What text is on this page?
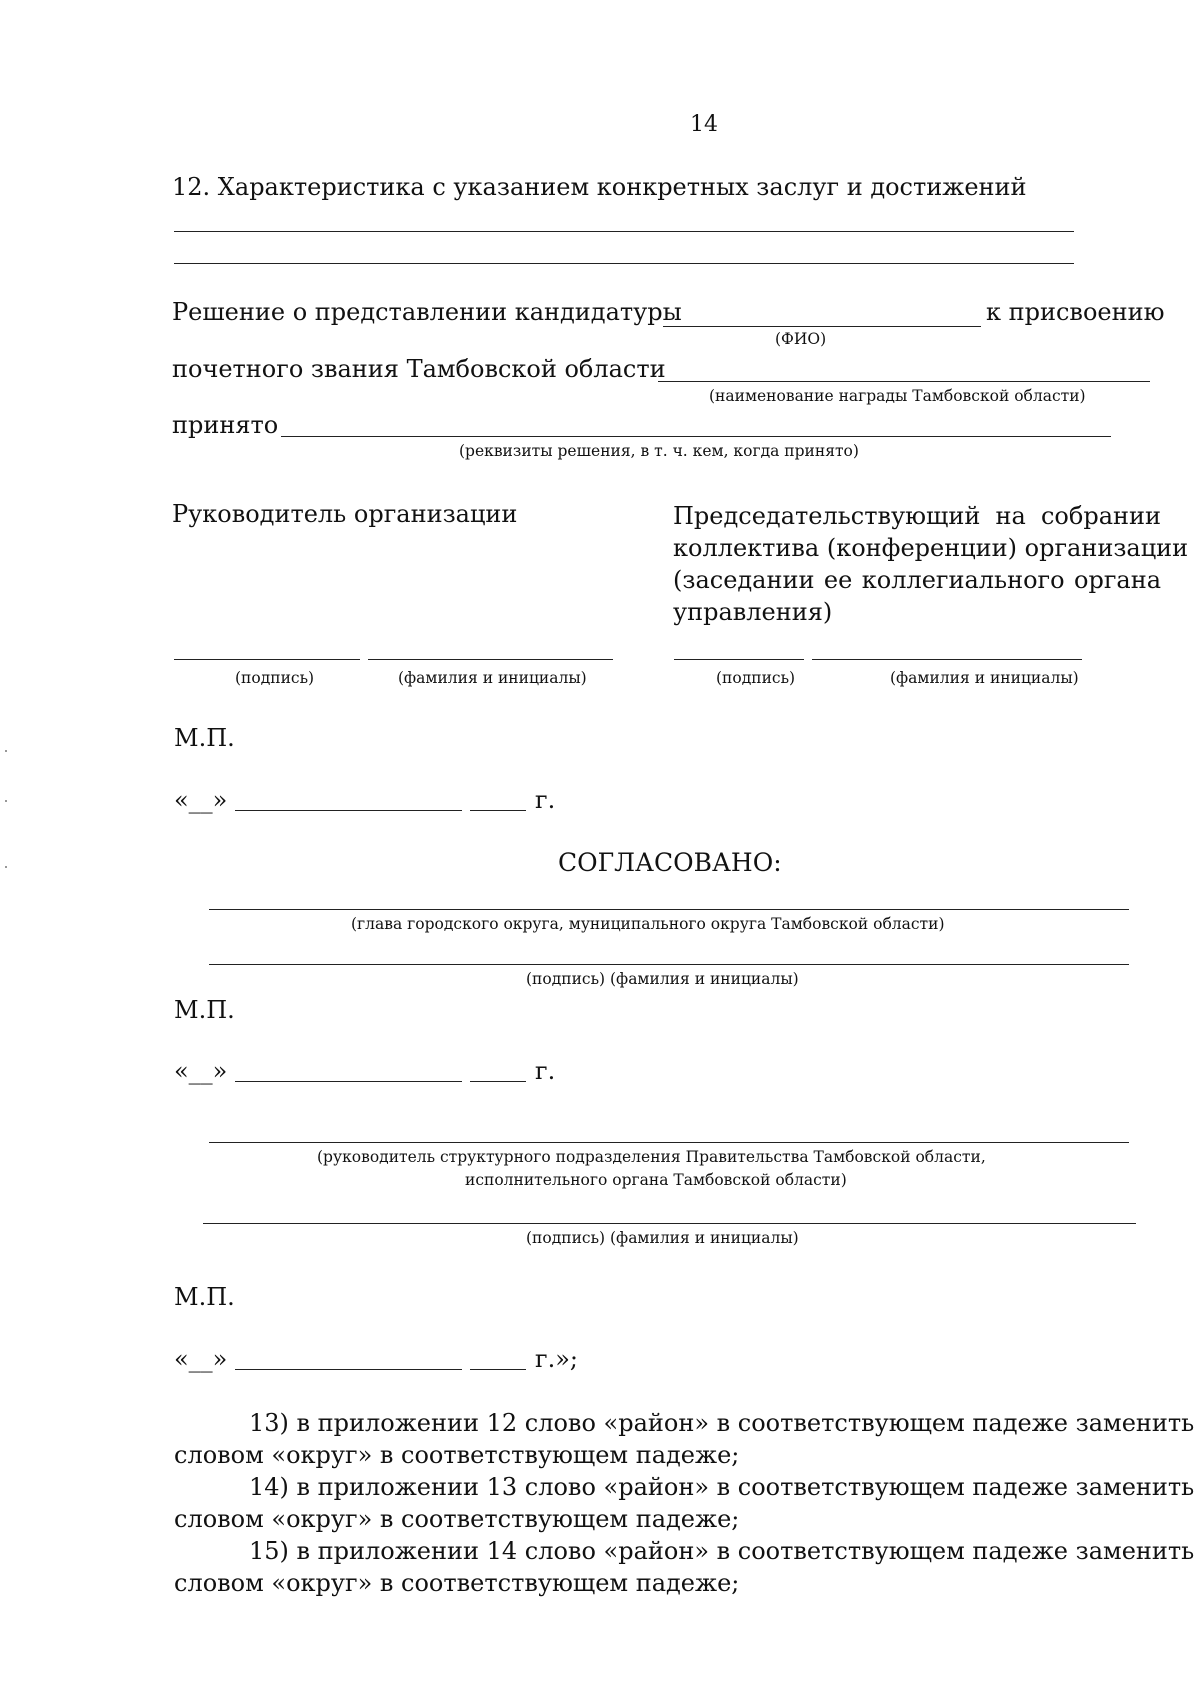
14
12. Характеристика с указанием конкретных заслуг и достижений
Решение о представлении кандидатуры	к присвоению
(ФИО)
почетного звания Тамбовской области
(наименование награды Тамбовской области)
принято
(реквизиты решения, в т. ч. кем, когда принято)
Руководитель организации	Председательствующий на собрании
коллектива (конференции) организации
(заседании ее коллегиального органа
управления)
(подпись)	(фамилия и инициалы)	(подпись)	(фамилия и инициалы)
М.П.
«__»	г.
СОГЛАСОВАНО:
(глава городского округа, муниципального округа Тамбовской области)
(подпись) (фамилия и инициалы)
М.П.
«__»	г.
(руководитель структурного подразделения Правительства Тамбовской области,
исполнительного органа Тамбовской области)
(подпись) (фамилия и инициалы)
М.П.
«__»	г.»;
13) в приложении 12 слово «район» в соответствующем падеже заменить
словом «округ» в соответствующем падеже;
14) в приложении 13 слово «район» в соответствующем падеже заменить
словом «округ» в соответствующем падеже;
15) в приложении 14 слово «район» в соответствующем падеже заменить
словом «округ» в соответствующем падеже;
